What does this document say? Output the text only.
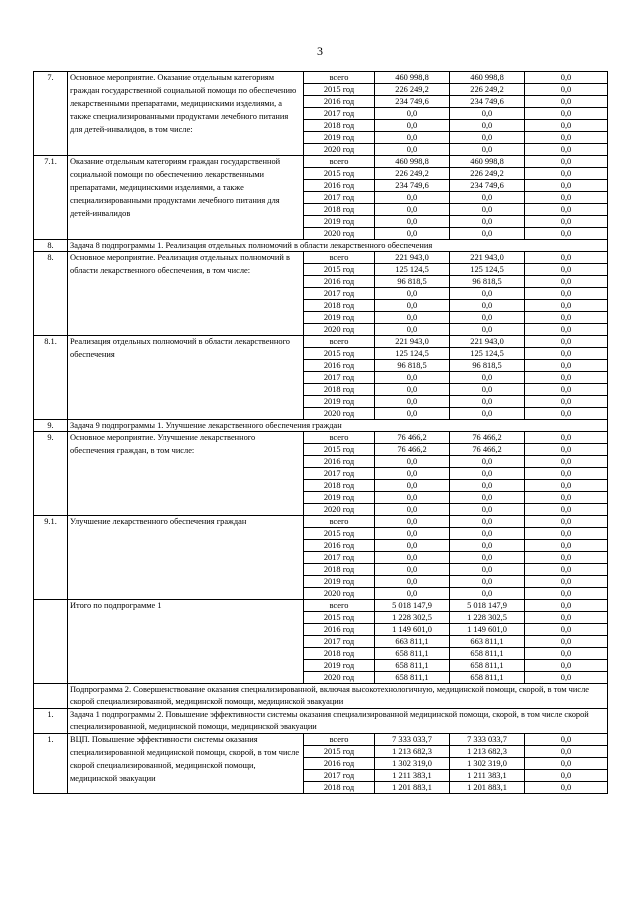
3
7.	Основное мероприятие. Оказание отдельным категориям граждан государственной социальной помощи по обеспечению лекарственными препаратами, медицинскими изделиями, а также специализированными продуктами лечебного питания для детей-инвалидов, в том числе:	всего	460 998,8	460 998,8	0,0
		2015 год	226 249,2	226 249,2	0,0
		2016 год	234 749,6	234 749,6	0,0
		2017 год	0,0	0,0	0,0
		2018 год	0,0	0,0	0,0
		2019 год	0,0	0,0	0,0
		2020 год	0,0	0,0	0,0
7.1.	Оказание отдельным категориям граждан государственной социальной помощи по обеспечению лекарственными препаратами, медицинскими изделиями, а также специализированными продуктами лечебного питания для детей-инвалидов	всего	460 998,8	460 998,8	0,0
		2015 год	226 249,2	226 249,2	0,0
		2016 год	234 749,6	234 749,6	0,0
		2017 год	0,0	0,0	0,0
		2018 год	0,0	0,0	0,0
		2019 год	0,0	0,0	0,0
		2020 год	0,0	0,0	0,0
8.	Задача 8 подпрограммы 1. Реализация отдельных полномочий в области лекарственного обеспечения				
8.	Основное мероприятие. Реализация отдельных полномочий в области лекарственного обеспечения, в том числе:	всего	221 943,0	221 943,0	0,0
		2015 год	125 124,5	125 124,5	0,0
		2016 год	96 818,5	96 818,5	0,0
		2017 год	0,0	0,0	0,0
		2018 год	0,0	0,0	0,0
		2019 год	0,0	0,0	0,0
		2020 год	0,0	0,0	0,0
8.1.	Реализация отдельных полномочий в области лекарственного обеспечения	всего	221 943,0	221 943,0	0,0
		2015 год	125 124,5	125 124,5	0,0
		2016 год	96 818,5	96 818,5	0,0
		2017 год	0,0	0,0	0,0
		2018 год	0,0	0,0	0,0
		2019 год	0,0	0,0	0,0
		2020 год	0,0	0,0	0,0
9.	Задача 9 подпрограммы 1. Улучшение лекарственного обеспечения граждан				
9.	Основное мероприятие. Улучшение лекарственного обеспечения граждан, в том числе:	всего	76 466,2	76 466,2	0,0
		2015 год	76 466,2	76 466,2	0,0
		2016 год	0,0	0,0	0,0
		2017 год	0,0	0,0	0,0
		2018 год	0,0	0,0	0,0
		2019 год	0,0	0,0	0,0
		2020 год	0,0	0,0	0,0
9.1.	Улучшение лекарственного обеспечения граждан	всего	0,0	0,0	0,0
		2015 год	0,0	0,0	0,0
		2016 год	0,0	0,0	0,0
		2017 год	0,0	0,0	0,0
		2018 год	0,0	0,0	0,0
		2019 год	0,0	0,0	0,0
		2020 год	0,0	0,0	0,0
	Итого по подпрограмме 1	всего	5 018 147,9	5 018 147,9	0,0
		2015 год	1 228 302,5	1 228 302,5	0,0
		2016 год	1 149 601,0	1 149 601,0	0,0
		2017 год	663 811,1	663 811,1	0,0
		2018 год	658 811,1	658 811,1	0,0
		2019 год	658 811,1	658 811,1	0,0
		2020 год	658 811,1	658 811,1	0,0
	Подпрограмма 2. Совершенствование оказания специализированной, включая высокотехнологичную, медицинской помощи, скорой, в том числе скорой специализированной, медицинской помощи, медицинской эвакуации				
1.	Задача 1 подпрограммы 2. Повышение эффективности системы оказания специализированной медицинской помощи, скорой, в том числе скорой специализированной, медицинской помощи, медицинской эвакуации				
1.	ВЦП. Повышение эффективности системы оказания специализированной медицинской помощи, скорой, в том числе скорой специализированной, медицинской помощи, медицинской эвакуации	всего	7 333 033,7	7 333 033,7	0,0
		2015 год	1 213 682,3	1 213 682,3	0,0
		2016 год	1 302 319,0	1 302 319,0	0,0
		2017 год	1 211 383,1	1 211 383,1	0,0
		2018 год	1 201 883,1	1 201 883,1	0,0
